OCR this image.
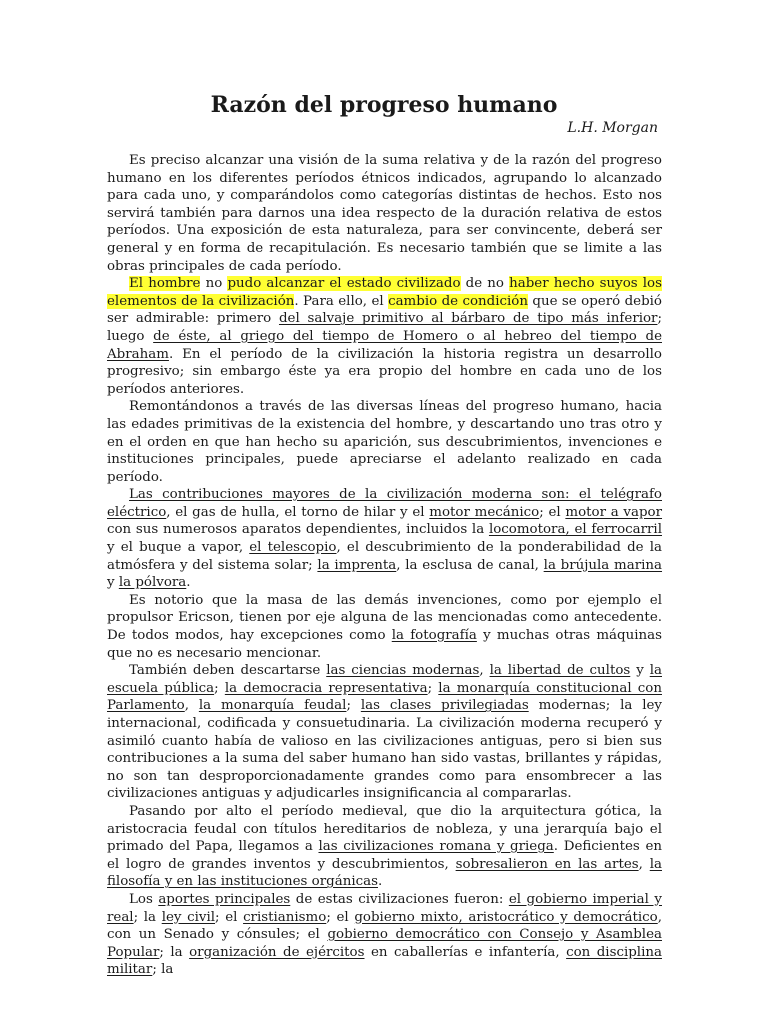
Razón del progreso humano
L.H. Morgan

Es preciso alcanzar una visión de la suma relativa y de la razón del progreso humano en los diferentes períodos étnicos indicados, agrupando lo alcanzado para cada uno, y comparándolos como categorías distintas de hechos. Esto nos servirá también para darnos una idea respecto de la duración relativa de estos períodos. Una exposición de esta naturaleza, para ser convincente, deberá ser general y en forma de recapitulación. Es necesario también que se limite a las obras principales de cada período.

El hombre no pudo alcanzar el estado civilizado de no haber hecho suyos los elementos de la civilización. Para ello, el cambio de condición que se operó debió ser admirable: primero del salvaje primitivo al bárbaro de tipo más inferior; luego de éste, al griego del tiempo de Homero o al hebreo del tiempo de Abraham. En el período de la civilización la historia registra un desarrollo progresivo; sin embargo éste ya era propio del hombre en cada uno de los períodos anteriores.

Remontándonos a través de las diversas líneas del progreso humano, hacia las edades primitivas de la existencia del hombre, y descartando uno tras otro y en el orden en que han hecho su aparición, sus descubrimientos, invenciones e instituciones principales, puede apreciarse el adelanto realizado en cada período.

Las contribuciones mayores de la civilización moderna son: el telégrafo eléctrico, el gas de hulla, el torno de hilar y el motor mecánico; el motor a vapor con sus numerosos aparatos dependientes, incluidos la locomotora, el ferrocarril y el buque a vapor, el telescopio, el descubrimiento de la ponderabilidad de la atmósfera y del sistema solar; la imprenta, la esclusa de canal, la brújula marina y la pólvora.

Es notorio que la masa de las demás invenciones, como por ejemplo el propulsor Ericson, tienen por eje alguna de las mencionadas como antecedente. De todos modos, hay excepciones como la fotografía y muchas otras máquinas que no es necesario mencionar.

También deben descartarse las ciencias modernas, la libertad de cultos y la escuela pública; la democracia representativa; la monarquía constitucional con Parlamento, la monarquía feudal; las clases privilegiadas modernas; la ley internacional, codificada y consuetudinaria. La civilización moderna recuperó y asimiló cuanto había de valioso en las civilizaciones antiguas, pero si bien sus contribuciones a la suma del saber humano han sido vastas, brillantes y rápidas, no son tan desproporcionadamente grandes como para ensombrecer a las civilizaciones antiguas y adjudicarles insignificancia al compararlas.

Pasando por alto el período medieval, que dio la arquitectura gótica, la aristocracia feudal con títulos hereditarios de nobleza, y una jerarquía bajo el primado del Papa, llegamos a las civilizaciones romana y griega. Deficientes en el logro de grandes inventos y descubrimientos, sobresalieron en las artes, la filosofía y en las instituciones orgánicas.

Los aportes principales de estas civilizaciones fueron: el gobierno imperial y real; la ley civil; el cristianismo; el gobierno mixto, aristocrático y democrático, con un Senado y cónsules; el gobierno democrático con Consejo y Asamblea Popular; la organización de ejércitos en caballerías e infantería, con disciplina militar; la
